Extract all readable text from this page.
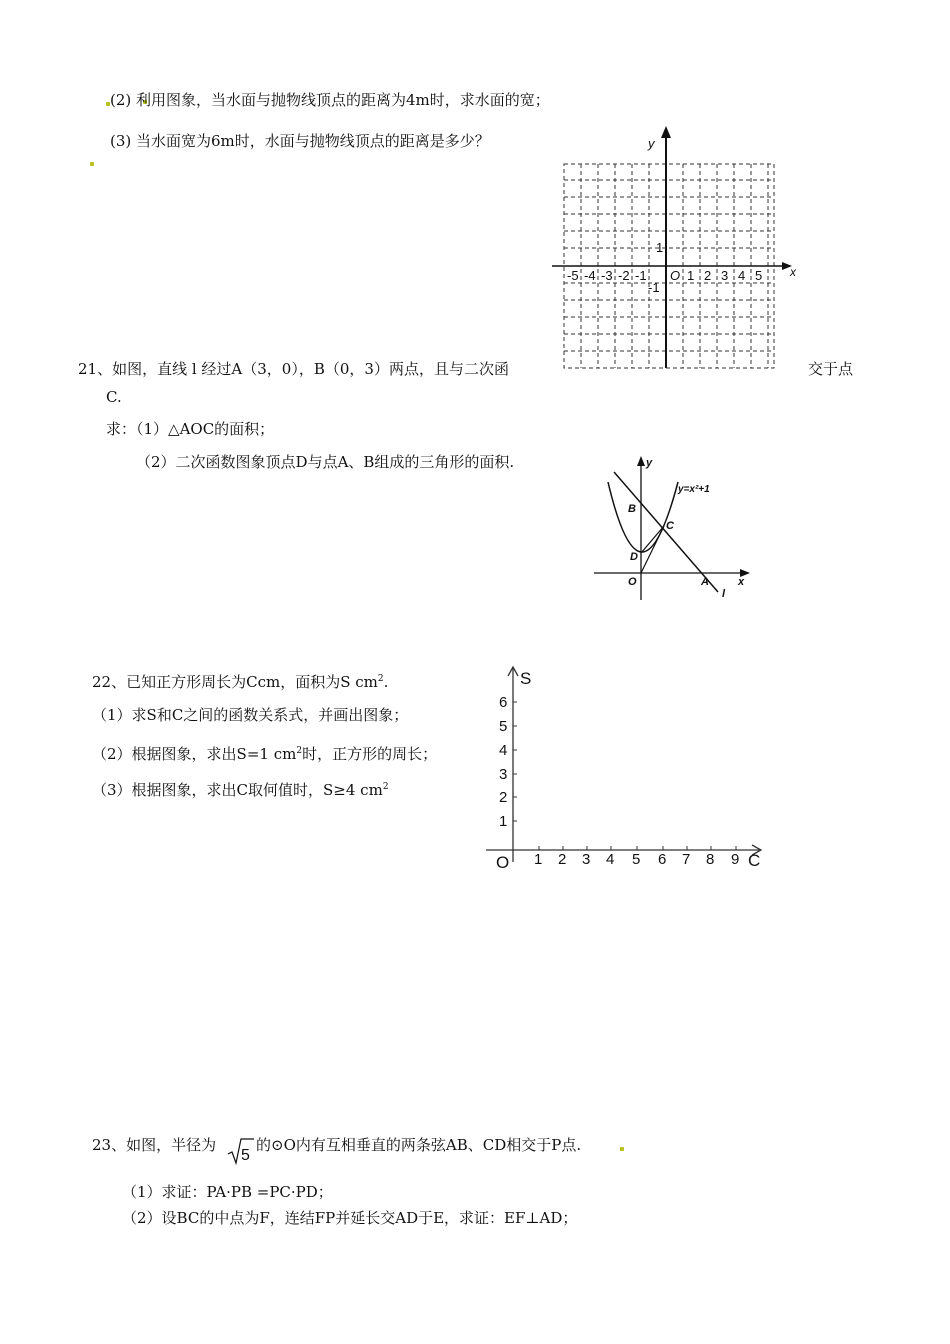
(2) 利用图象，当水面与抛物线顶点的距离为4m时，求水面的宽；
(3) 当水面宽为6m时，水面与抛物线顶点的距离是多少？	y
x
O
1
-1
-5 -4 -3 -2 -1	1 2 3 4 5
21、如图，直线 l 经过A（3，0），B（0，3）两点，且与二次函	交于点
C.
求：（1）△AOC的面积；
（2）二次函数图象顶点D与点A、B组成的三角形的面积.	y
x
y=x²+1
B
C
D
O	A
l
22、已知正方形周长为Ccm，面积为S $cm^2$.
（1）求S和C之间的函数关系式，并画出图象；
（2）根据图象，求出S=1 $cm^2$时，正方形的周长；
（3）根据图象，求出C取何值时，S≥4 $cm^2$
S
C
O
1
2
3
4
5
6
1 2 3 4 5 6 7 8 9
23、如图，半径为
5
的⊙O内有互相垂直的两条弦AB、CD相交于P点.
（1）求证：PA·PB =PC·PD；
（2）设BC的中点为F，连结FP并延长交AD于E，求证：EF⊥AD；
